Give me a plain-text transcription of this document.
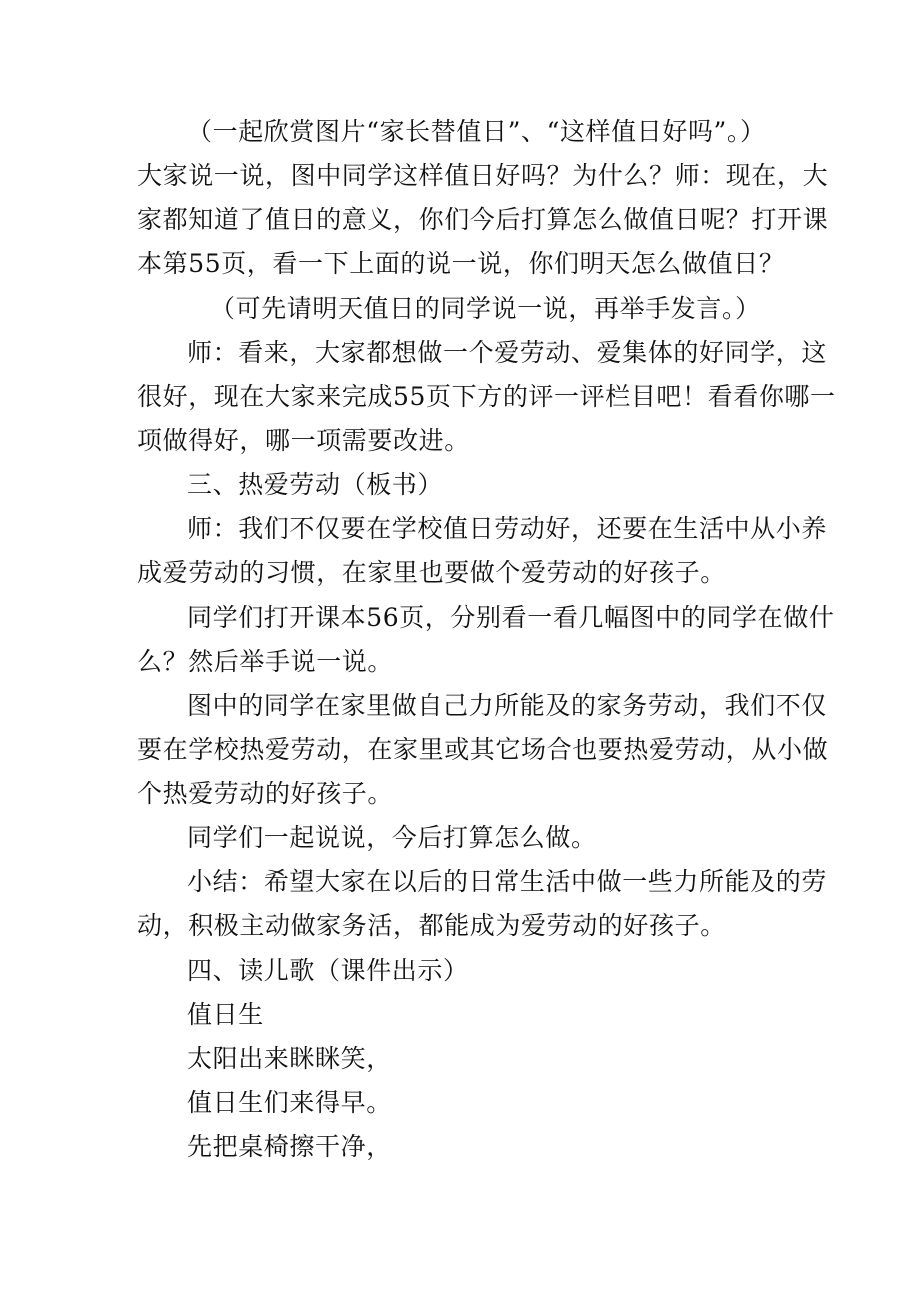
（一起欣赏图片“家长替值日”、“这样值日好吗”。）
大家说一说，图中同学这样值日好吗？为什么？师：现在，大
家都知道了值日的意义，你们今后打算怎么做值日呢？打开课
本第55页，看一下上面的说一说，你们明天怎么做值日？
（可先请明天值日的同学说一说，再举手发言。）
师：看来，大家都想做一个爱劳动、爱集体的好同学，这
很好，现在大家来完成55页下方的评一评栏目吧！看看你哪一
项做得好，哪一项需要改进。
三、热爱劳动（板书）
师：我们不仅要在学校值日劳动好，还要在生活中从小养
成爱劳动的习惯，在家里也要做个爱劳动的好孩子。
同学们打开课本56页，分别看一看几幅图中的同学在做什
么？然后举手说一说。
图中的同学在家里做自己力所能及的家务劳动，我们不仅
要在学校热爱劳动，在家里或其它场合也要热爱劳动，从小做
个热爱劳动的好孩子。
同学们一起说说，今后打算怎么做。
小结：希望大家在以后的日常生活中做一些力所能及的劳
动，积极主动做家务活，都能成为爱劳动的好孩子。
四、读儿歌（课件出示）
值日生
太阳出来眯眯笑，
值日生们来得早。
先把桌椅擦干净，
